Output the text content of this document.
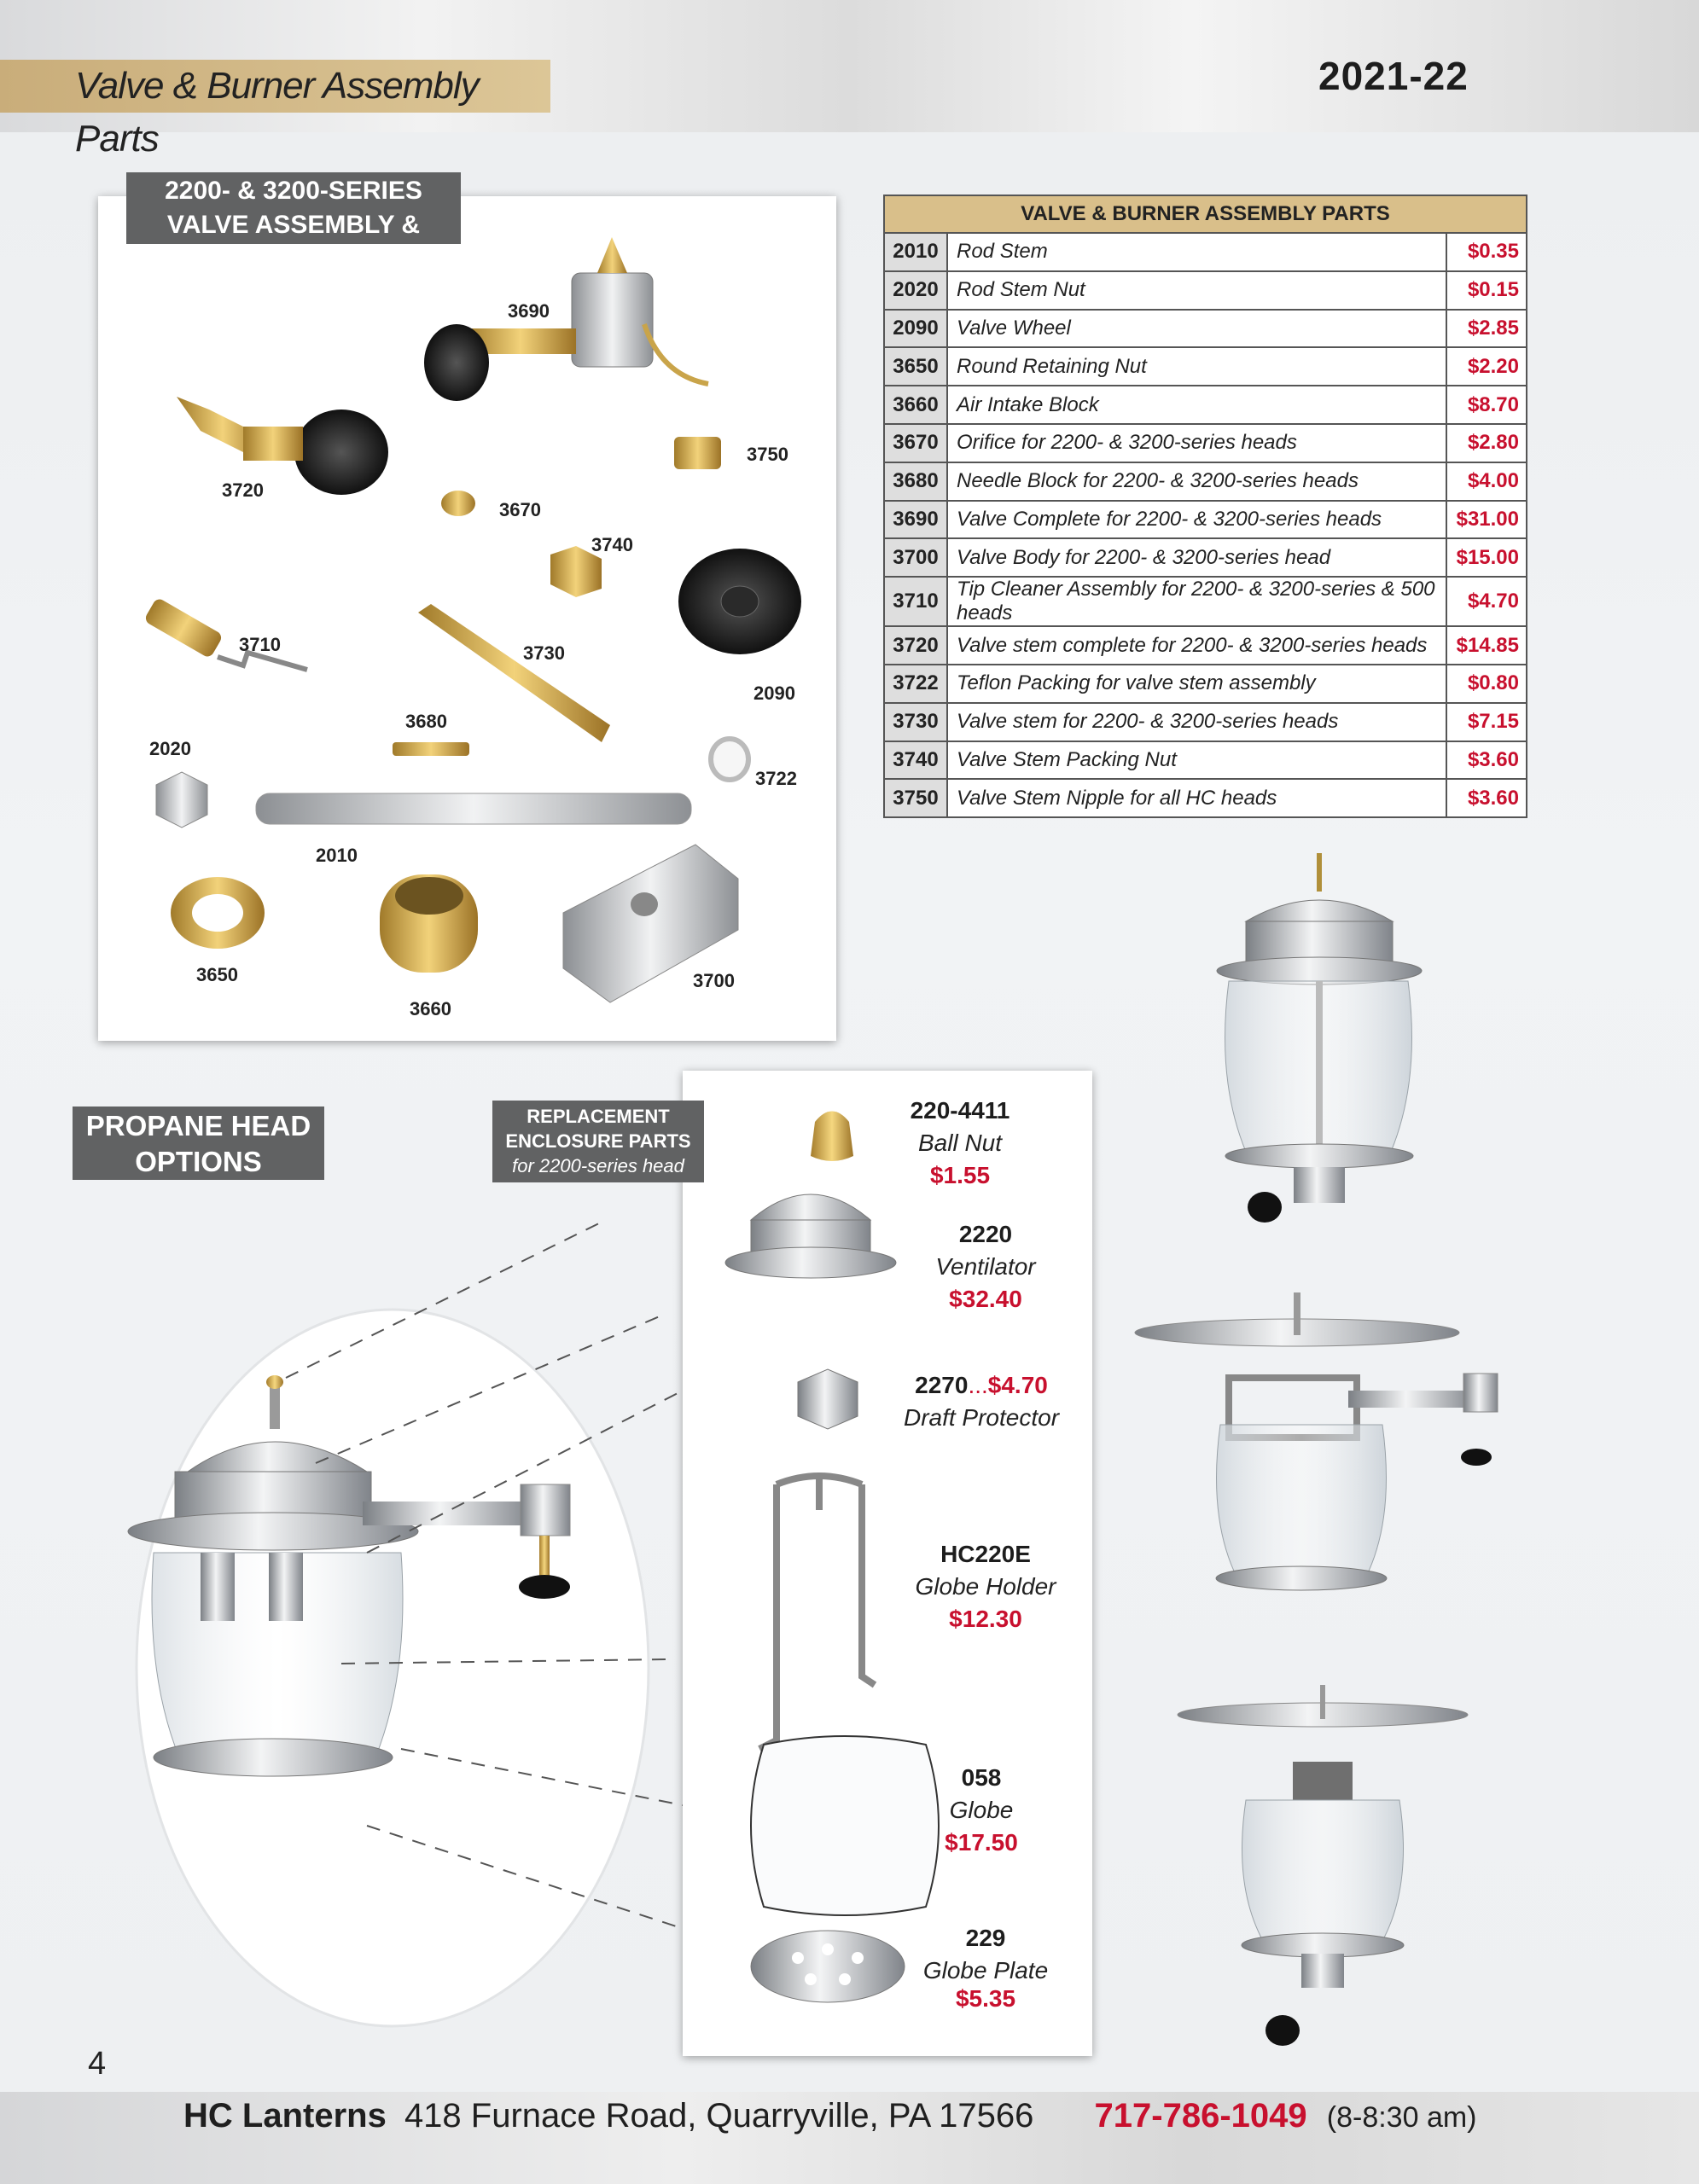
Valve & Burner Assembly Parts
2021-22
3690
3750
3720
3670
3740
3710	3730
2090
3680
2020
3722
2010
3650
3660
3700
2200- & 3200-SERIES VALVE ASSEMBLY & PARTS
VALVE & BURNER ASSEMBLY PARTS		
2010	Rod Stem	$0.35
2020	Rod Stem Nut	$0.15
2090	Valve Wheel	$2.85
3650	Round Retaining Nut	$2.20
3660	Air Intake Block	$8.70
3670	Orifice for 2200- & 3200-series heads	$2.80
3680	Needle Block for 2200- & 3200-series heads	$4.00
3690	Valve Complete for 2200- & 3200-series heads	$31.00
3700	Valve Body for 2200- & 3200-series head	$15.00
3710	Tip Cleaner Assembly for 2200- & 3200-series & 500 heads	$4.70
3720	Valve stem complete for 2200- & 3200-series heads	$14.85
3722	Teflon Packing for valve stem assembly	$0.80
3730	Valve stem for 2200- & 3200-series heads	$7.15
3740	Valve Stem Packing Nut	$3.60
3750	Valve Stem Nipple for all HC heads	$3.60
PROPANE HEAD OPTIONS
220-4411
Ball Nut
$1.55
2220
Ventilator
$32.40
2270...$4.70
Draft Protector
HC220E
Globe Holder
$12.30
058
Globe
$17.50
229
Globe Plate
$5.35
REPLACEMENT
ENCLOSURE PARTS
for 2200-series head
4
HC Lanterns 418 Furnace Road, Quarryville, PA 17566 717-786-1049 (8-8:30 am)
